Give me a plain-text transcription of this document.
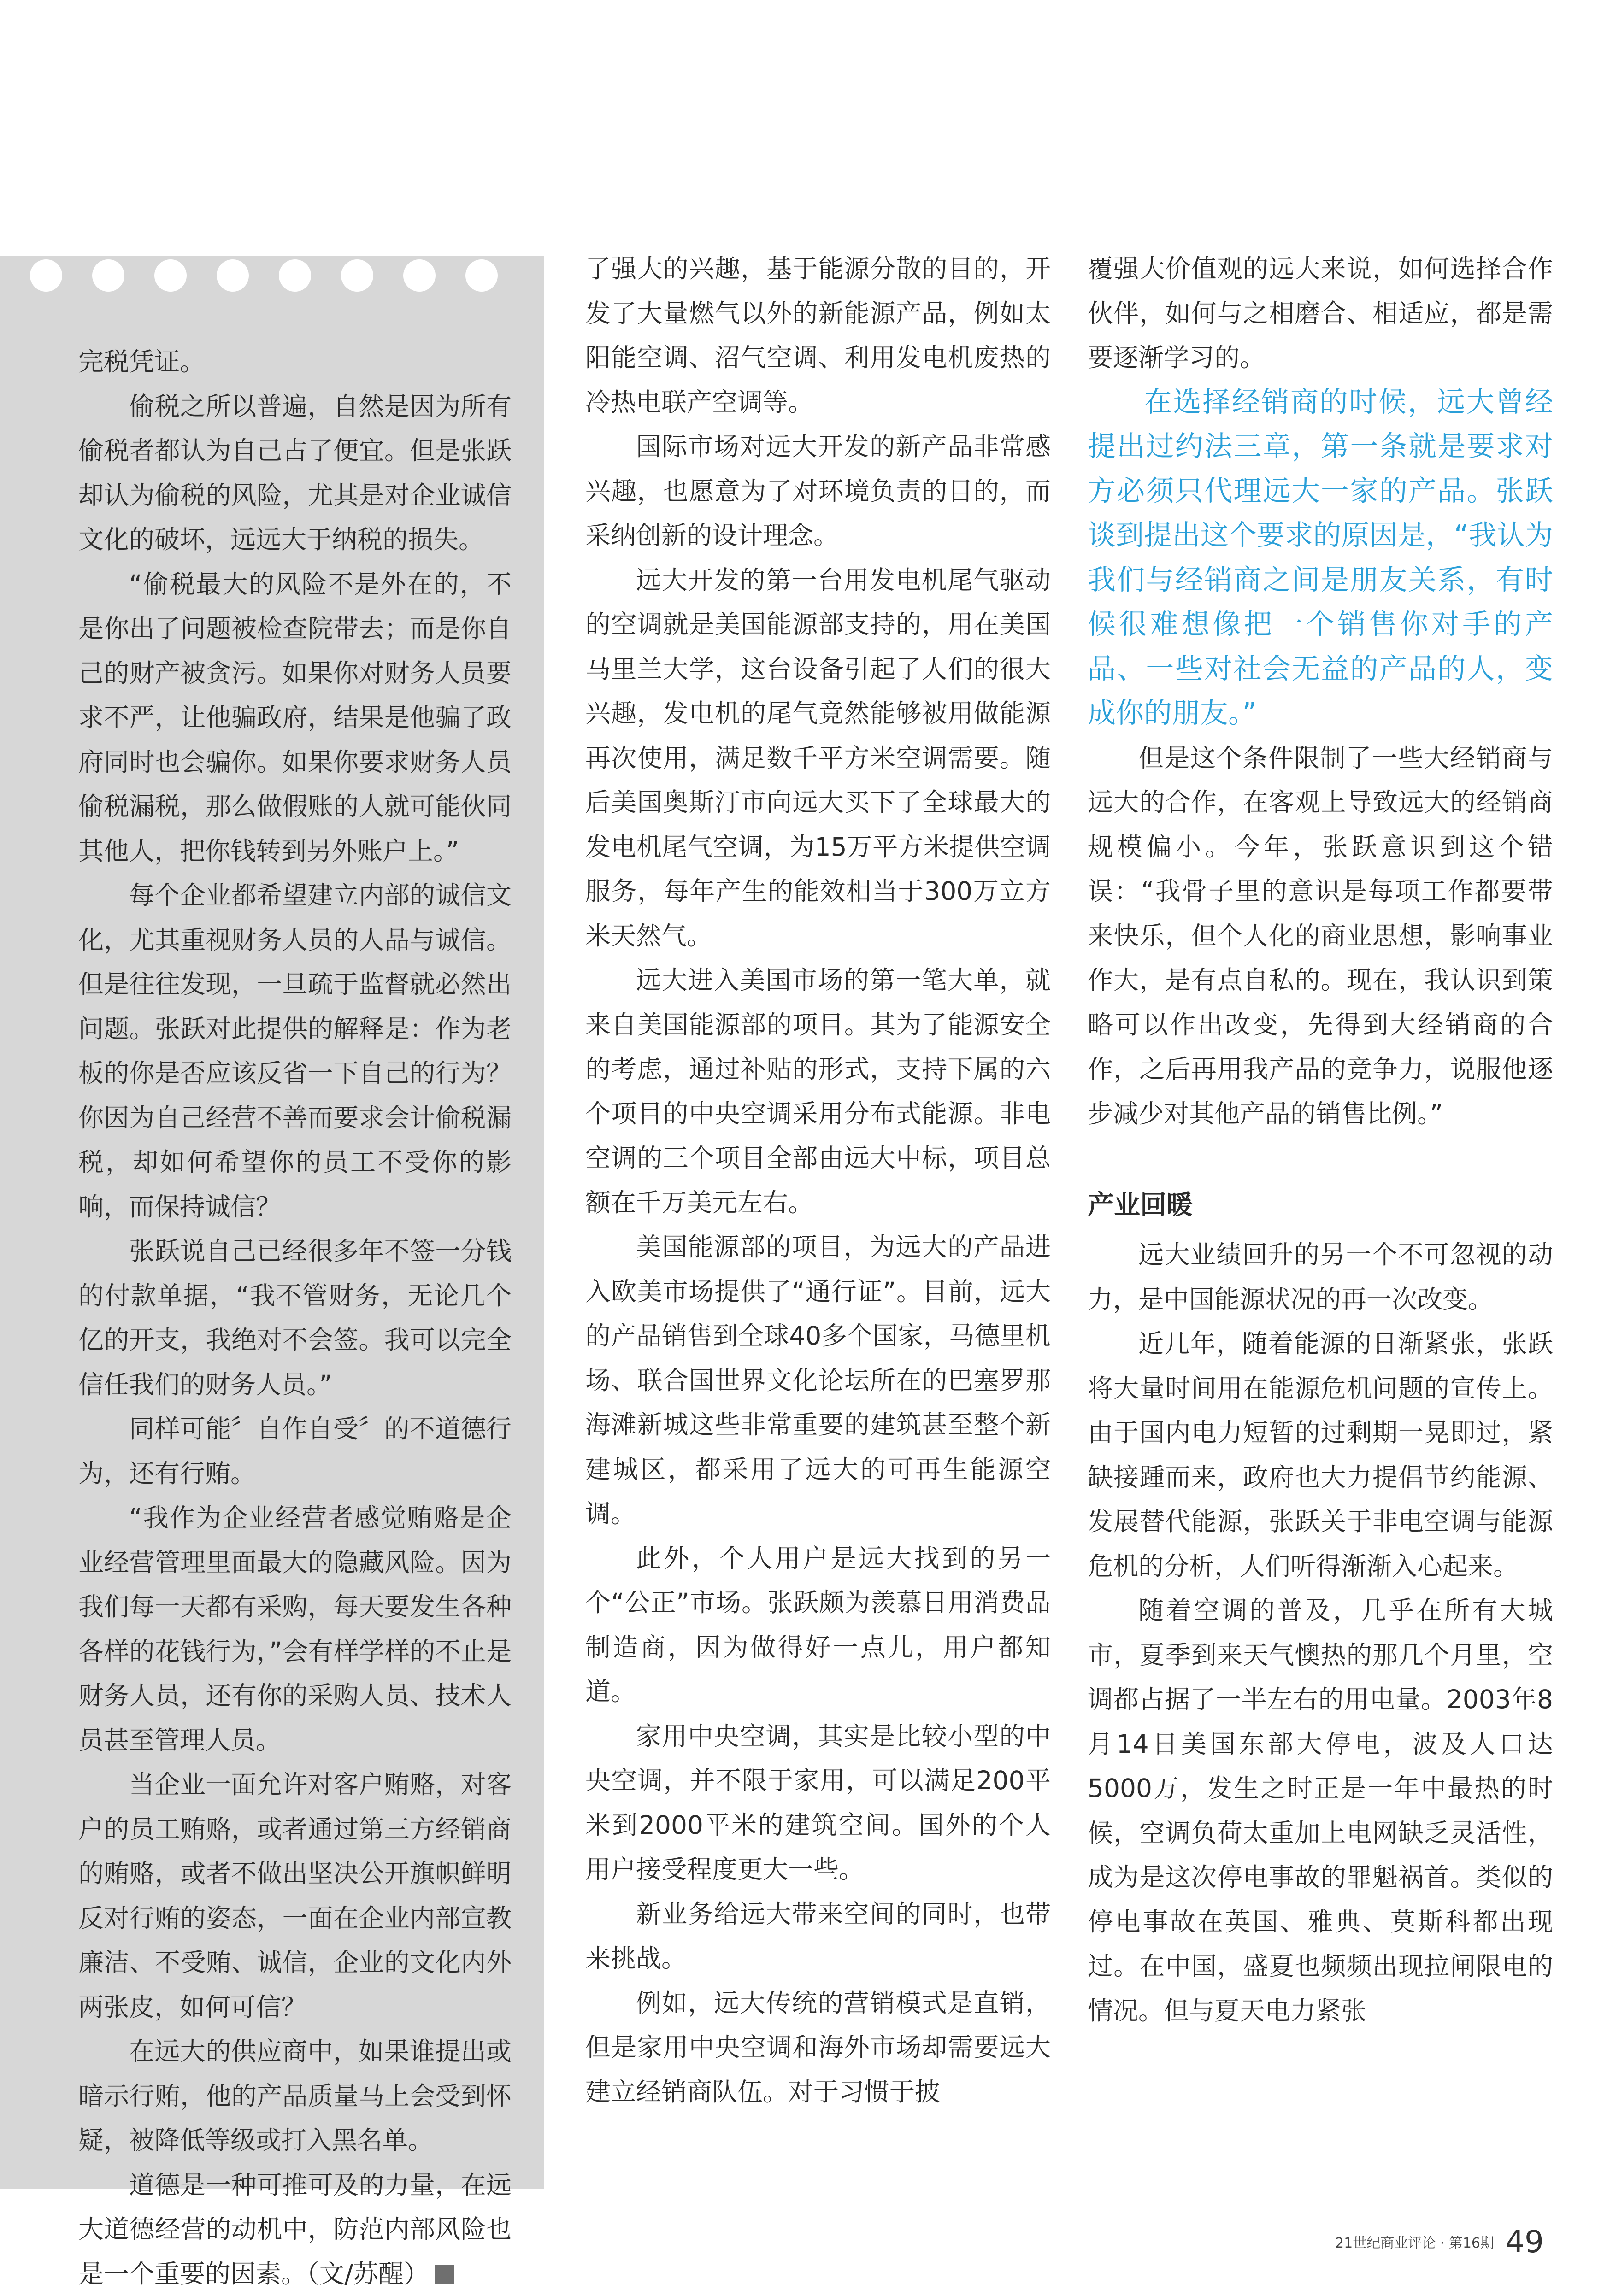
完税凭证。

偷税之所以普遍，自然是因为所有偷税者都认为自己占了便宜。但是张跃却认为偷税的风险，尤其是对企业诚信文化的破坏，远远大于纳税的损失。

“偷税最大的风险不是外在的，不是你出了问题被检查院带去；而是你自己的财产被贪污。如果你对财务人员要求不严，让他骗政府，结果是他骗了政府同时也会骗你。如果你要求财务人员偷税漏税，那么做假账的人就可能伙同其他人，把你钱转到另外账户上。”

每个企业都希望建立内部的诚信文化，尤其重视财务人员的人品与诚信。但是往往发现，一旦疏于监督就必然出问题。张跃对此提供的解释是：作为老板的你是否应该反省一下自己的行为？你因为自己经营不善而要求会计偷税漏税，却如何希望你的员工不受你的影响，而保持诚信？

张跃说自己已经很多年不签一分钱的付款单据，“我不管财务，无论几个亿的开支，我绝对不会签。我可以完全信任我们的财务人员。”

同样可能〞自作自受〞的不道德行为，还有行贿。

“我作为企业经营者感觉贿赂是企业经营管理里面最大的隐藏风险。因为我们每一天都有采购，每天要发生各种各样的花钱行为，”会有样学样的不止是财务人员，还有你的采购人员、技术人员甚至管理人员。

当企业一面允许对客户贿赂，对客户的员工贿赂，或者通过第三方经销商的贿赂，或者不做出坚决公开旗帜鲜明反对行贿的姿态，一面在企业内部宣教廉洁、不受贿、诚信，企业的文化内外两张皮，如何可信？

在远大的供应商中，如果谁提出或暗示行贿，他的产品质量马上会受到怀疑，被降低等级或打入黑名单。

道德是一种可推可及的力量，在远大道德经营的动机中，防范内部风险也是一个重要的因素。（文/苏醒）

了强大的兴趣，基于能源分散的目的，开发了大量燃气以外的新能源产品，例如太阳能空调、沼气空调、利用发电机废热的冷热电联产空调等。

国际市场对远大开发的新产品非常感兴趣，也愿意为了对环境负责的目的，而采纳创新的设计理念。

远大开发的第一台用发电机尾气驱动的空调就是美国能源部支持的，用在美国马里兰大学，这台设备引起了人们的很大兴趣，发电机的尾气竟然能够被用做能源再次使用，满足数千平方米空调需要。随后美国奥斯汀市向远大买下了全球最大的发电机尾气空调，为15万平方米提供空调服务，每年产生的能效相当于300万立方米天然气。

远大进入美国市场的第一笔大单，就来自美国能源部的项目。其为了能源安全的考虑，通过补贴的形式，支持下属的六个项目的中央空调采用分布式能源。非电空调的三个项目全部由远大中标，项目总额在千万美元左右。

美国能源部的项目，为远大的产品进入欧美市场提供了“通行证”。目前，远大的产品销售到全球40多个国家，马德里机场、联合国世界文化论坛所在的巴塞罗那海滩新城这些非常重要的建筑甚至整个新建城区，都采用了远大的可再生能源空调。

此外，个人用户是远大找到的另一个“公正”市场。张跃颇为羡慕日用消费品制造商，因为做得好一点儿，用户都知道。

家用中央空调，其实是比较小型的中央空调，并不限于家用，可以满足200平米到2000平米的建筑空间。国外的个人用户接受程度更大一些。

新业务给远大带来空间的同时，也带来挑战。

例如，远大传统的营销模式是直销，但是家用中央空调和海外市场却需要远大建立经销商队伍。对于习惯于披

覆强大价值观的远大来说，如何选择合作伙伴，如何与之相磨合、相适应，都是需要逐渐学习的。

在选择经销商的时候，远大曾经提出过约法三章，第一条就是要求对方必须只代理远大一家的产品。张跃谈到提出这个要求的原因是，“我认为我们与经销商之间是朋友关系，有时候很难想像把一个销售你对手的产品、一些对社会无益的产品的人，变成你的朋友。”

但是这个条件限制了一些大经销商与远大的合作，在客观上导致远大的经销商规模偏小。今年，张跃意识到这个错误：“我骨子里的意识是每项工作都要带来快乐，但个人化的商业思想，影响事业作大，是有点自私的。现在，我认识到策略可以作出改变，先得到大经销商的合作，之后再用我产品的竞争力，说服他逐步减少对其他产品的销售比例。”

产业回暖

远大业绩回升的另一个不可忽视的动力，是中国能源状况的再一次改变。

近几年，随着能源的日渐紧张，张跃将大量时间用在能源危机问题的宣传上。由于国内电力短暂的过剩期一晃即过，紧缺接踵而来，政府也大力提倡节约能源、发展替代能源，张跃关于非电空调与能源危机的分析，人们听得渐渐入心起来。

随着空调的普及，几乎在所有大城市，夏季到来天气懊热的那几个月里，空调都占据了一半左右的用电量。2003年8月14日美国东部大停电，波及人口达5000万，发生之时正是一年中最热的时候，空调负荷太重加上电网缺乏灵活性，成为是这次停电事故的罪魁祸首。类似的停电事故在英国、雅典、莫斯科都出现过。在中国，盛夏也频频出现拉闸限电的情况。但与夏天电力紧张

21世纪商业评论 · 第16期 49
